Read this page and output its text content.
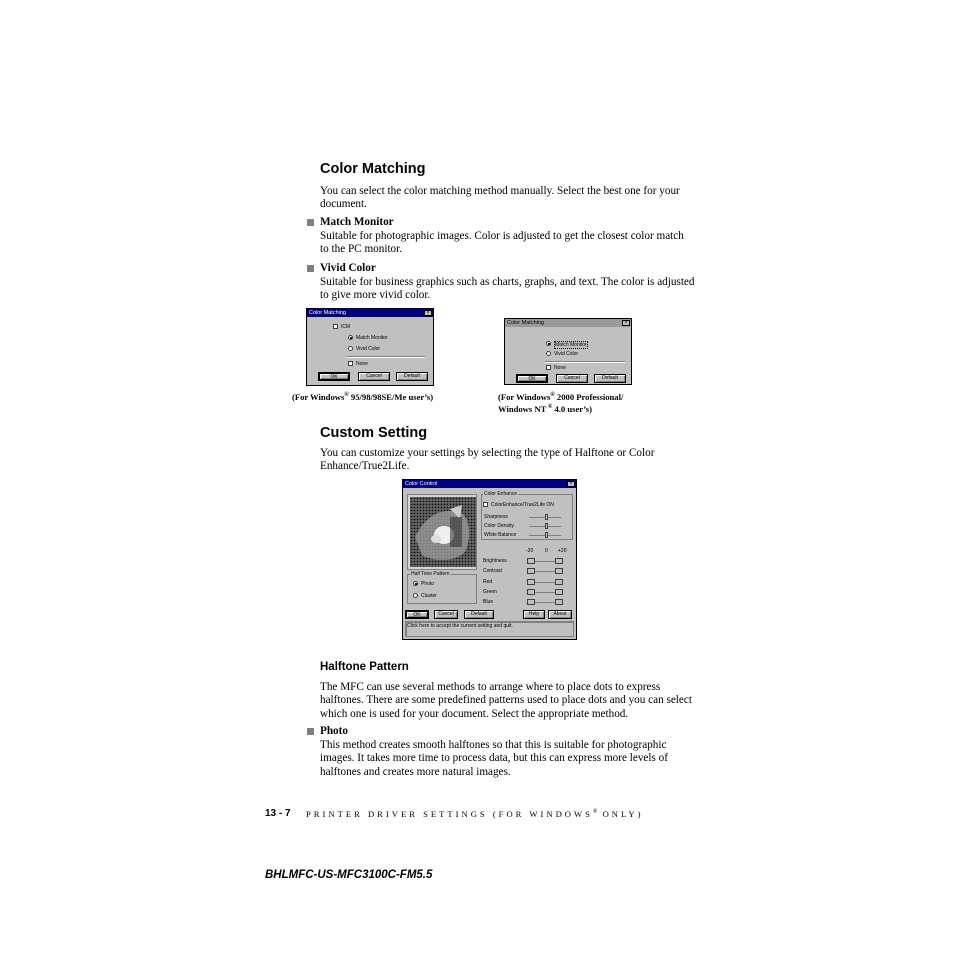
Color Matching
You can select the color matching method manually. Select the best one for your document.
Match Monitor
Suitable for photographic images. Color is adjusted to get the closest color match to the PC monitor.
Vivid Color
Suitable for business graphics such as charts, graphs, and text. The color is adjusted to give more vivid color.
Color Matching	×
ICM
Match Monitor
Vivid Color
None
OK	Cancel	Default
(For Windows® 95/98/98SE/Me user’s)
Color Matching	×
Match Monitor
Vivid Color
None
OK	Cancel	Default
(For Windows® 2000 Professional/
Windows NT ® 4.0 user’s)
Custom Setting
You can customize your settings by selecting the type of Halftone or Color Enhance/True2Life.
Color Control	×
Half Tone Pattern
Photo
Cluster
Color Enhance
ColorEnhance/True2Life ON
Sharpness
Color Density
White Balance
-20 0 +20
Brightness
Contrast
Red
Green
Blue
OK	Cancel	Default	Help	About
Click here to accept the current setting and quit.
Halftone Pattern
The MFC can use several methods to arrange where to place dots to express halftones. There are some predefined patterns used to place dots and you can select which one is used for your document. Select the appropriate method.
Photo
This method creates smooth halftones so that this is suitable for photographic images. It takes more time to process data, but this can express more levels of halftones and creates more natural images.
13 - 7 PRINTER DRIVER SETTINGS (FOR WINDOWS® ONLY)
BHLMFC-US-MFC3100C-FM5.5
